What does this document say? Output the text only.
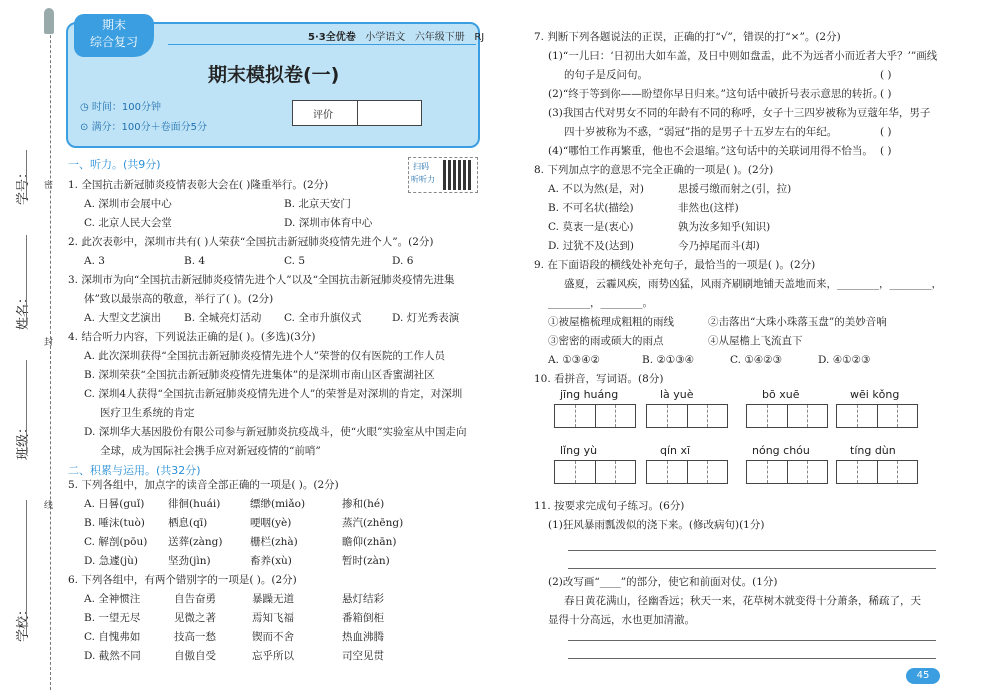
学号：
姓名：
班级：
学校：
密
封
线
期末
综合复习	5·3全优卷 小学语文 六年级下册 RJ
期末模拟卷(一)
◷ 时间：100分钟
⊙ 满分：100分＋卷面分5分
评价
一、听力。(共9分)	扫码
听听力
1. 全国抗击新冠肺炎疫情表彰大会在( )隆重举行。(2分)
A. 深圳市会展中心	B. 北京天安门
C. 北京人民大会堂	D. 深圳市体育中心
2. 此次表彰中，深圳市共有( )人荣获“全国抗击新冠肺炎疫情先进个人”。(2分)
A. 3	B. 4	C. 5	D. 6
3. 深圳市为向“全国抗击新冠肺炎疫情先进个人”以及“全国抗击新冠肺炎疫情先进集
体”致以最崇高的敬意，举行了( )。(2分)
A. 大型文艺演出 B. 全城亮灯活动 C. 全市升旗仪式	D. 灯光秀表演
4. 结合听力内容，下列说法正确的是( )。(多选)(3分)
A. 此次深圳获得“全国抗击新冠肺炎疫情先进个人”荣誉的仅有医院的工作人员
B. 深圳荣获“全国抗击新冠肺炎疫情先进集体”的是深圳市南山区香蜜湖社区
C. 深圳4人获得“全国抗击新冠肺炎疫情先进个人”的荣誉是对深圳的肯定，对深圳
医疗卫生系统的肯定
D. 深圳华大基因股份有限公司参与新冠肺炎抗疫战斗，使“火眼”实验室从中国走向
全球，成为国际社会携手应对新冠疫情的“前哨”
二、积累与运用。(共32分)
5. 下列各组中，加点字的读音全部正确的一项是( )。(2分)
A. 日晷(guǐ) 徘徊(huái)	缥缈(miǎo)	掺和(hé)
B. 唾沫(tuò) 栖息(qī)	哽咽(yè)	蒸汽(zhēng)
C. 解剖(pōu) 送葬(zàng)	栅栏(zhà)	瞻仰(zhān)
D. 急遽(jù)	坚劲(jìn)	畜养(xù)	暂时(zàn)
6. 下列各组中，有两个错别字的一项是( )。(2分)
A. 全神惯注	自告奋勇	暴躁无道	悬灯结彩
B. 一望无尽	见微之著	焉知飞福	番箱倒柜
C. 自愧弗如	技高一愁	锲而不舍	热血沸腾
D. 截然不同	自傲自受	忘乎所以	司空见贯
7. 判断下列各题说法的正误，正确的打“√”，错误的打“×”。(2分)
(1)“一儿曰：‘日初出大如车盖，及日中则如盘盂，此不为远者小而近者大乎？’”画线
的句子是反问句。	( )
(2)“终于等到你——盼望你早日归来。”这句话中破折号表示意思的转折。
( )
(3)我国古代对男女不同的年龄有不同的称呼，女子十三四岁被称为豆蔻年华，男子
四十岁被称为不惑，“弱冠”指的是男子十五岁左右的年纪。	( )
(4)“哪怕工作再繁重，他也不会退缩。”这句话中的关联词用得不恰当。 ( )
8. 下列加点字的意思不完全正确的一项是( )。(2分)
A. 不以为然(是，对)	思援弓缴而射之(引，拉)
B. 不可名状(描绘)	非然也(这样)
C. 莫衷一是(衷心)	孰为汝多知乎(知识)
D. 过犹不及(达到)	今乃掉尾而斗(却)
9. 在下面语段的横线处补充句子，最恰当的一项是( )。(2分)
盛夏，云霾风疾，雨势凶猛，风雨齐刷刷地铺天盖地而来，________，________，
________，________。
①被屋檐梳理成粗粗的雨线	②击落出“大珠小珠落玉盘”的美妙音响
③密密的雨或硕大的雨点	④从屋檐上飞流直下
A. ①③④②	B. ②①③④	C. ①④②③	D. ④①②③
10. 看拼音，写词语。(8分)
jīng huáng	là yuè	bō xuē	wēi kǒng
lǐng yù	qín xī	nóng chóu	tíng dùn
11. 按要求完成句子练习。(6分)
(1)狂风暴雨瓢泼似的浇下来。(修改病句)(1分)
(2)改写画“____”的部分，使它和前面对仗。(1分)
春日黄花满山，径幽香远；秋天一来，花草树木就变得十分萧条，稀疏了，天
显得十分高远，水也更加清澈。
45
